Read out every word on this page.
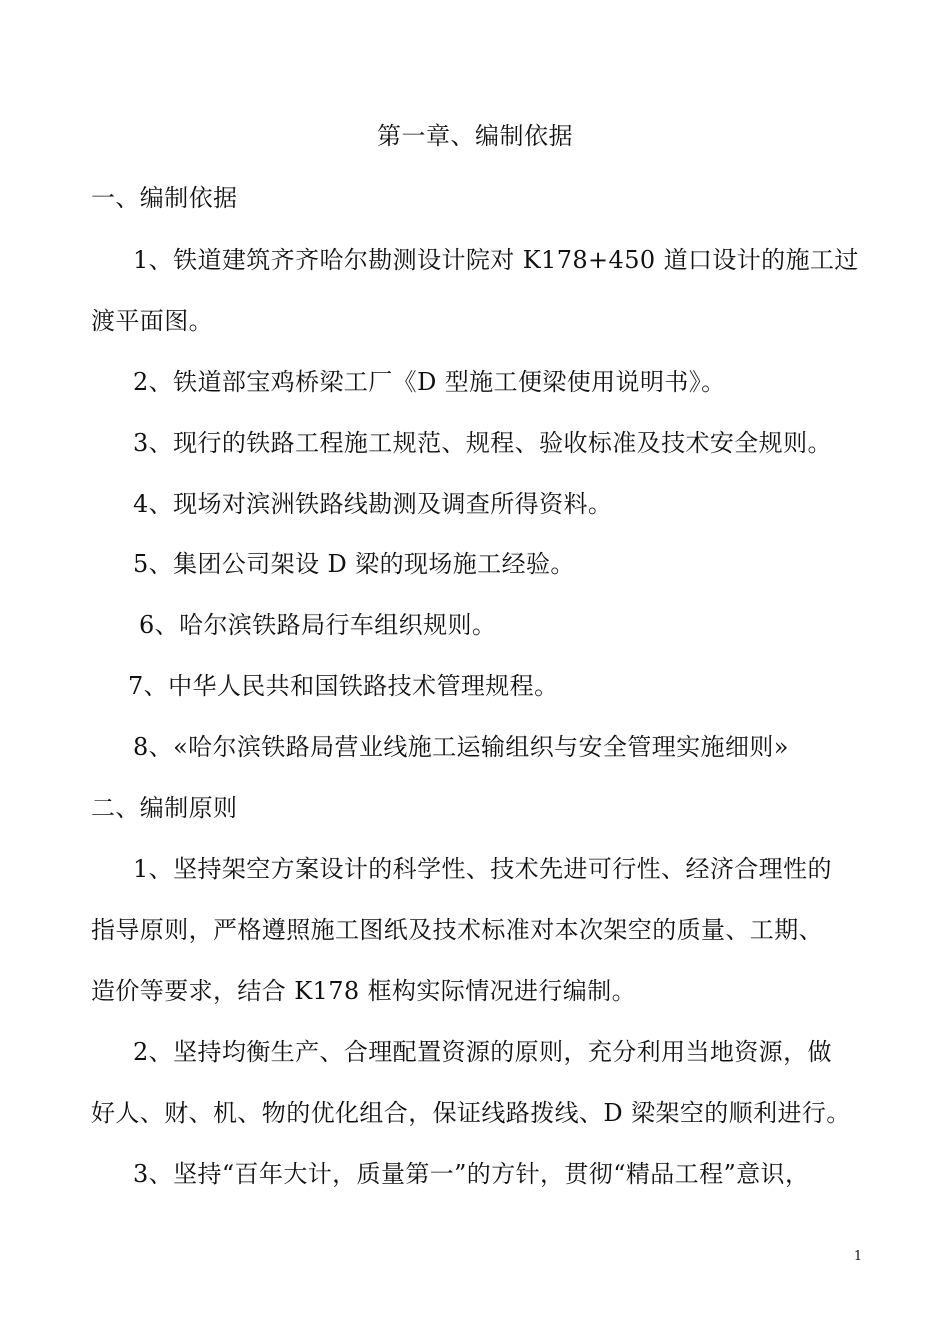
第一章、编制依据
一、编制依据
1、铁道建筑齐齐哈尔勘测设计院对 K178+450 道口设计的施工过
渡平面图。
2、铁道部宝鸡桥梁工厂《D 型施工便梁使用说明书》。
3、现行的铁路工程施工规范、规程、验收标准及技术安全规则。
4、现场对滨洲铁路线勘测及调查所得资料。
5、集团公司架设 D 梁的现场施工经验。
6、哈尔滨铁路局行车组织规则。
7、中华人民共和国铁路技术管理规程。
8、«哈尔滨铁路局营业线施工运输组织与安全管理实施细则»
二、编制原则
1、坚持架空方案设计的科学性、技术先进可行性、经济合理性的
指导原则，严格遵照施工图纸及技术标准对本次架空的质量、工期、
造价等要求，结合 K178 框构实际情况进行编制。
2、坚持均衡生产、合理配置资源的原则，充分利用当地资源，做
好人、财、机、物的优化组合，保证线路拨线、D 梁架空的顺利进行。
3、坚持“百年大计，质量第一”的方针，贯彻“精品工程”意识，
1
